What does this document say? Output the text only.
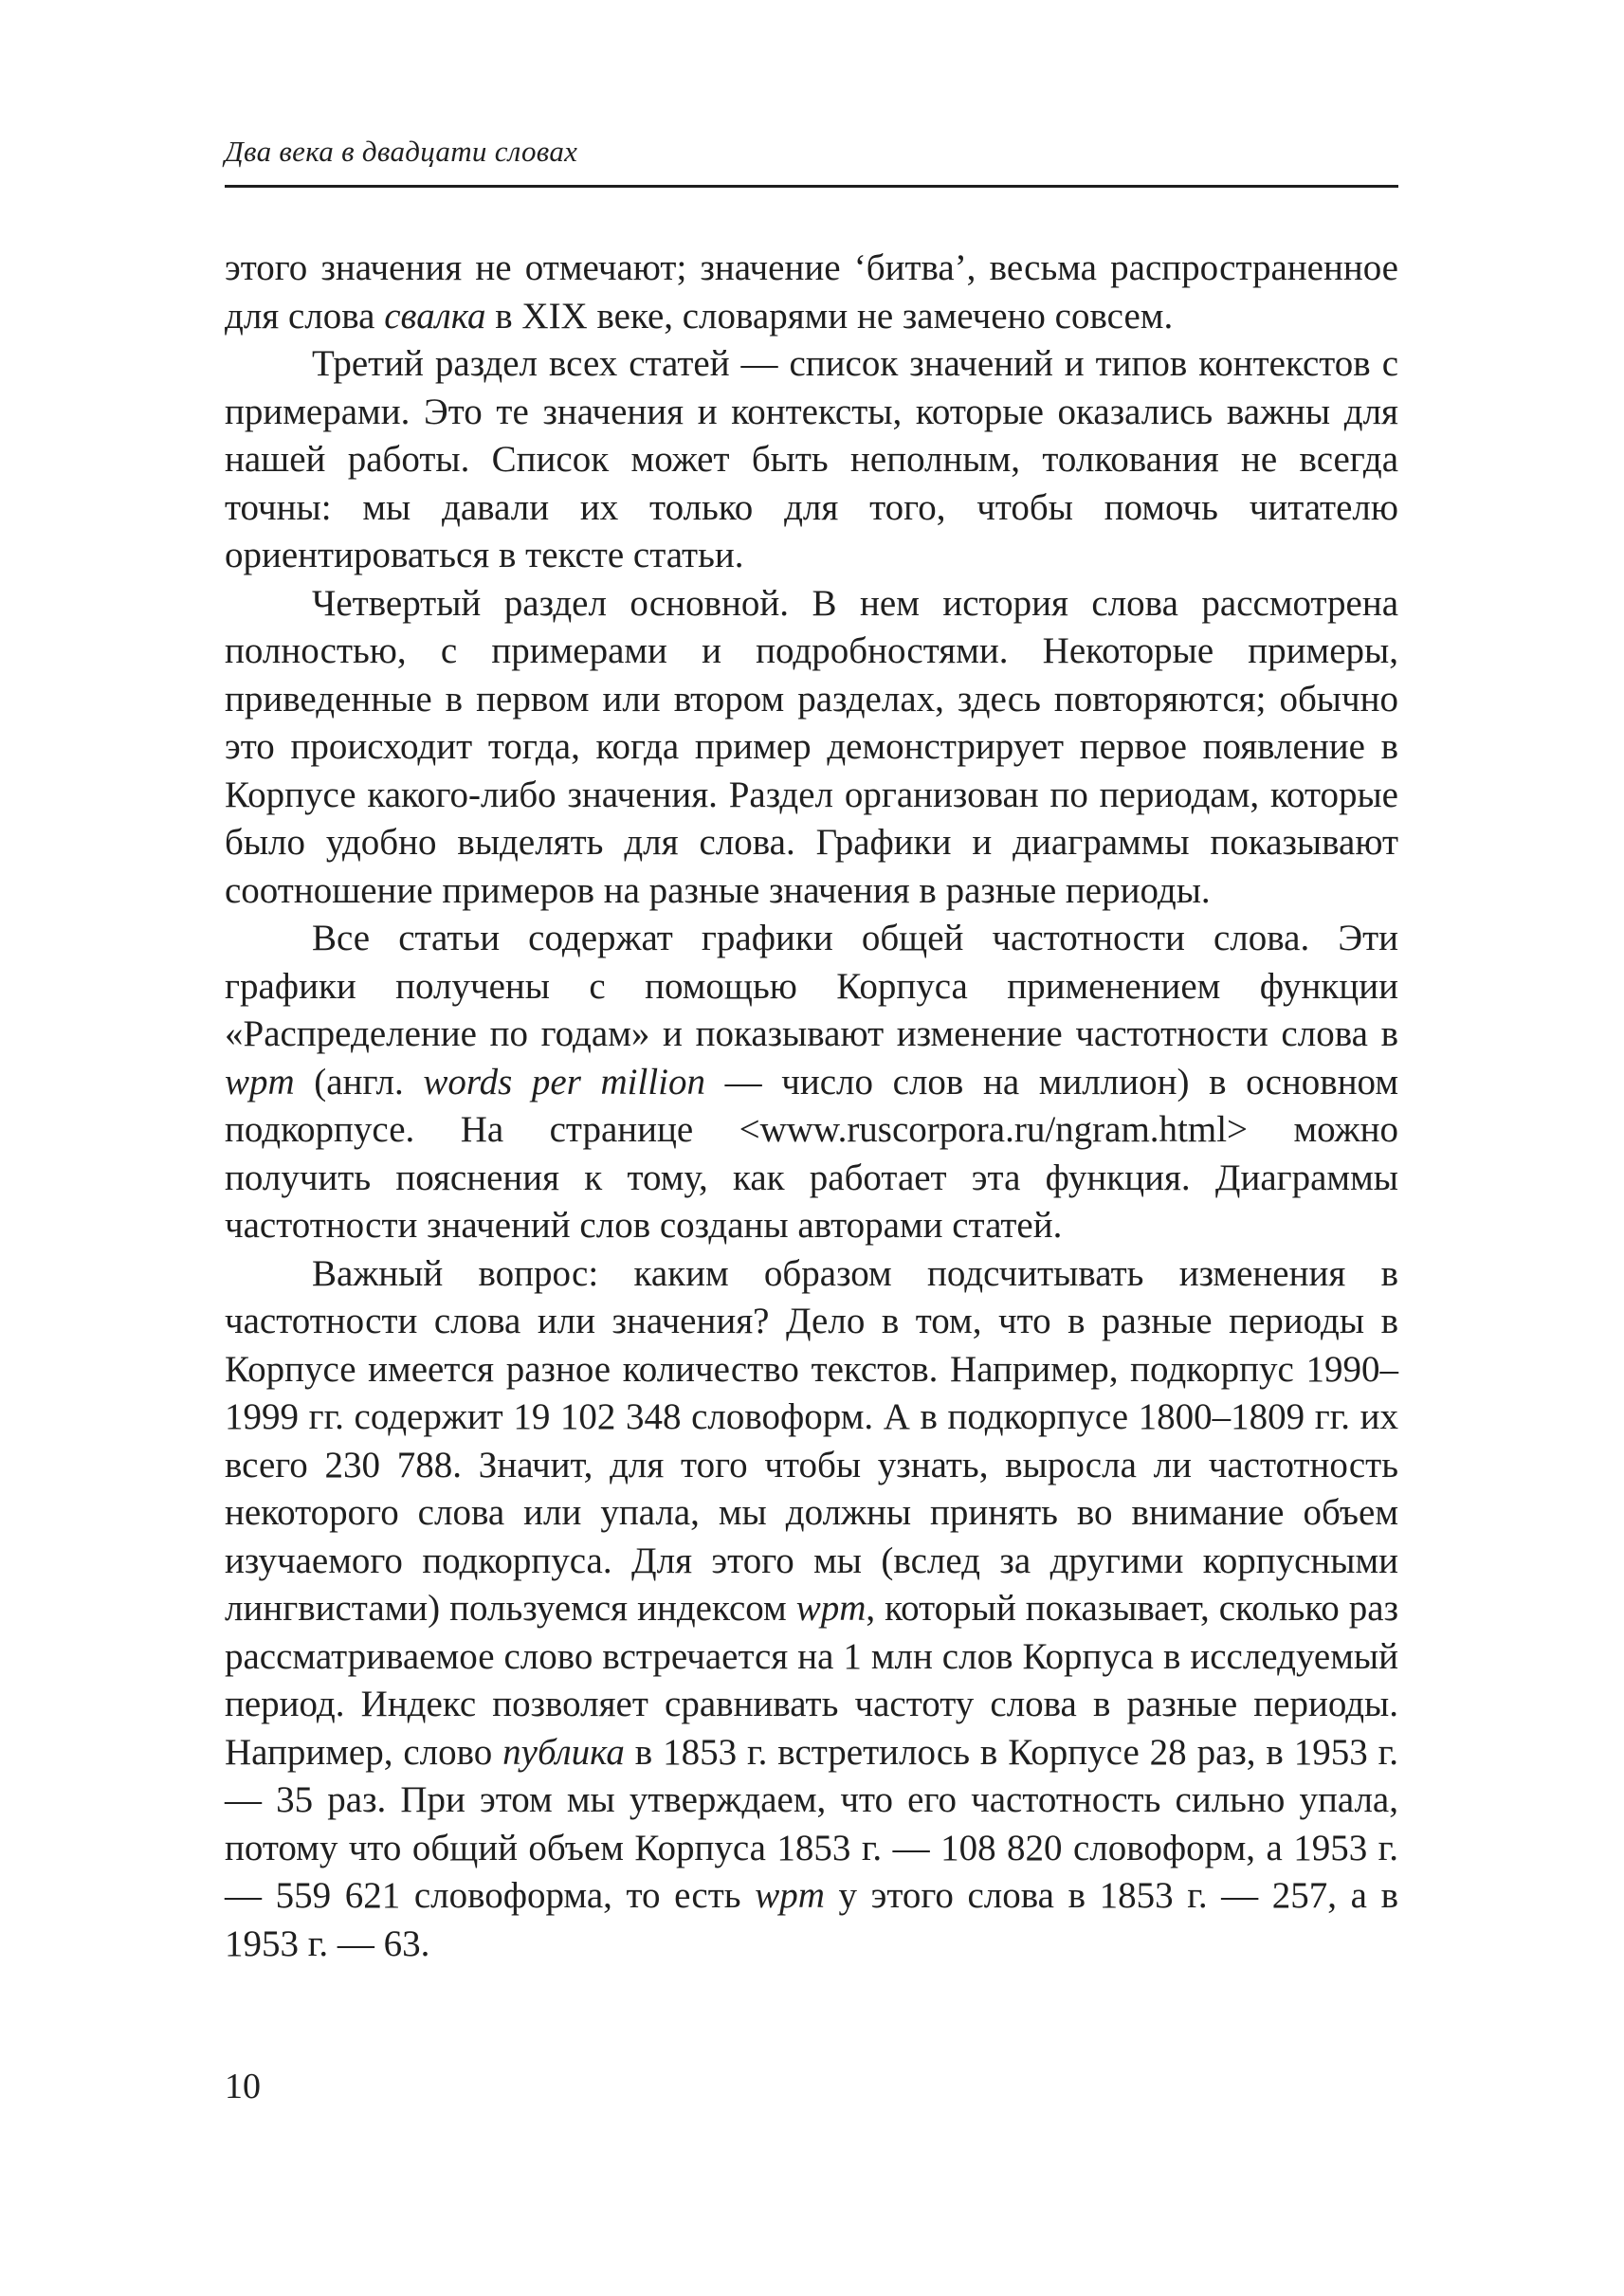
Два века в двадцати словах

этого значения не отмечают; значение ‘битва’, весьма распространенное для слова свалка в XIX веке, словарями не замечено совсем.

Третий раздел всех статей — список значений и типов контекстов с примерами. Это те значения и контексты, которые оказались важны для нашей работы. Список может быть неполным, толкования не всегда точны: мы давали их только для того, чтобы помочь читателю ориентироваться в тексте статьи.

Четвертый раздел основной. В нем история слова рассмотрена полностью, с примерами и подробностями. Некоторые примеры, приведенные в первом или втором разделах, здесь повторяются; обычно это происходит тогда, когда пример демонстрирует первое появление в Корпусе какого-либо значения. Раздел организован по периодам, которые было удобно выделять для слова. Графики и диаграммы показывают соотношение примеров на разные значения в разные периоды.

Все статьи содержат графики общей частотности слова. Эти графики получены с помощью Корпуса применением функции «Распределение по годам» и показывают изменение частотности слова в wpm (англ. words per million — число слов на миллион) в основном подкорпусе. На странице <www.ruscorpora.ru/ngram.html> можно получить пояснения к тому, как работает эта функция. Диаграммы частотности значений слов созданы авторами статей.

Важный вопрос: каким образом подсчитывать изменения в частотности слова или значения? Дело в том, что в разные периоды в Корпусе имеется разное количество текстов. Например, подкорпус 1990–1999 гг. содержит 19 102 348 словоформ. А в подкорпусе 1800–1809 гг. их всего 230 788. Значит, для того чтобы узнать, выросла ли частотность некоторого слова или упала, мы должны принять во внимание объем изучаемого подкорпуса. Для этого мы (вслед за другими корпусными лингвистами) пользуемся индексом wpm, который показывает, сколько раз рассматриваемое слово встречается на 1 млн слов Корпуса в исследуемый период. Индекс позволяет сравнивать частоту слова в разные периоды. Например, слово публика в 1853 г. встретилось в Корпусе 28 раз, в 1953 г. — 35 раз. При этом мы утверждаем, что его частотность сильно упала, потому что общий объем Корпуса 1853 г. — 108 820 словоформ, а 1953 г. — 559 621 словоформа, то есть wpm у этого слова в 1853 г. — 257, а в 1953 г. — 63.

10
